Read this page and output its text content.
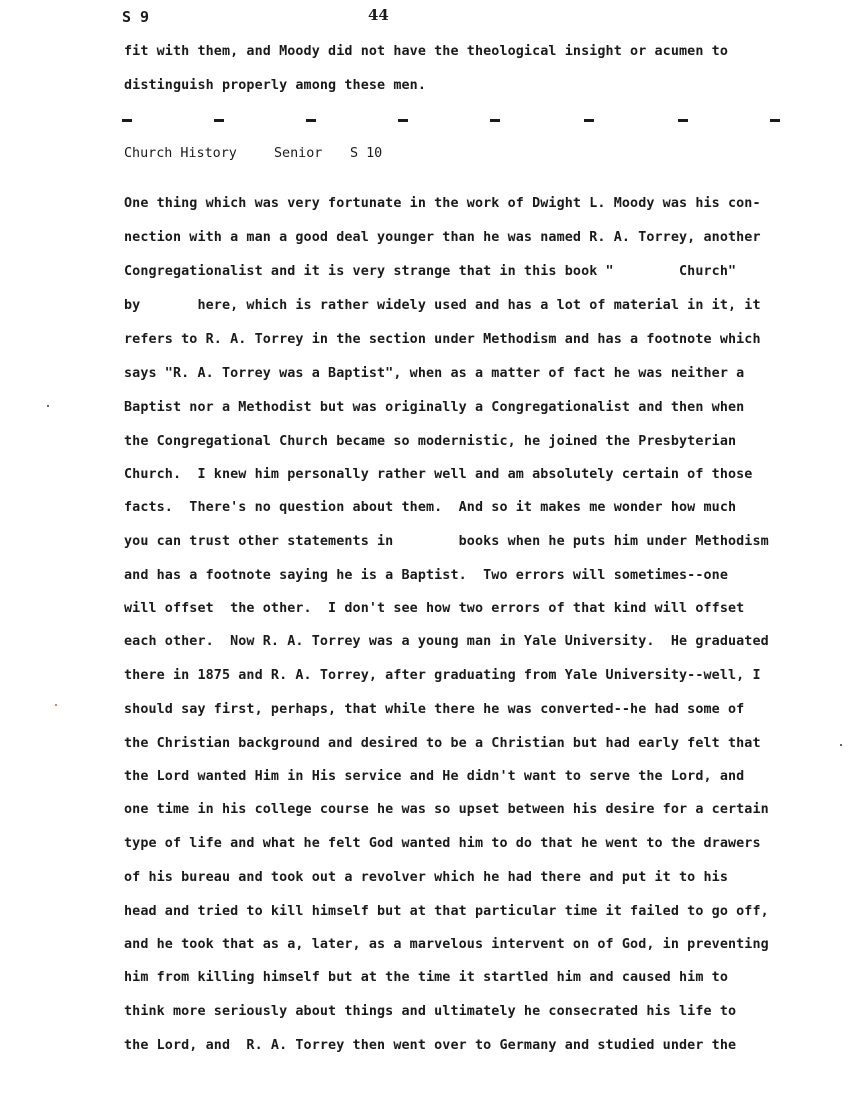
S 9	44
fit with them, and Moody did not have the theological insight or acumen to
distinguish properly among these men.
Church History	Senior S 10
One thing which was very fortunate in the work of Dwight L. Moody was his con-
nection with a man a good deal younger than he was named R. A. Torrey, another
Congregationalist and it is very strange that in this book "        Church"
by       here, which is rather widely used and has a lot of material in it, it
refers to R. A. Torrey in the section under Methodism and has a footnote which
says "R. A. Torrey was a Baptist", when as a matter of fact he was neither a
Baptist nor a Methodist but was originally a Congregationalist and then when
the Congregational Church became so modernistic, he joined the Presbyterian
Church.  I knew him personally rather well and am absolutely certain of those
facts.  There's no question about them.  And so it makes me wonder how much
you can trust other statements in        books when he puts him under Methodism
and has a footnote saying he is a Baptist.  Two errors will sometimes--one
will offset  the other.  I don't see how two errors of that kind will offset
each other.  Now R. A. Torrey was a young man in Yale University.  He graduated
there in 1875 and R. A. Torrey, after graduating from Yale University--well, I
should say first, perhaps, that while there he was converted--he had some of
the Christian background and desired to be a Christian but had early felt that
the Lord wanted Him in His service and He didn't want to serve the Lord, and
one time in his college course he was so upset between his desire for a certain
type of life and what he felt God wanted him to do that he went to the drawers
of his bureau and took out a revolver which he had there and put it to his
head and tried to kill himself but at that particular time it failed to go off,
and he took that as a, later, as a marvelous intervent on of God, in preventing
him from killing himself but at the time it startled him and caused him to
think more seriously about things and ultimately he consecrated his life to
the Lord, and  R. A. Torrey then went over to Germany and studied under the
